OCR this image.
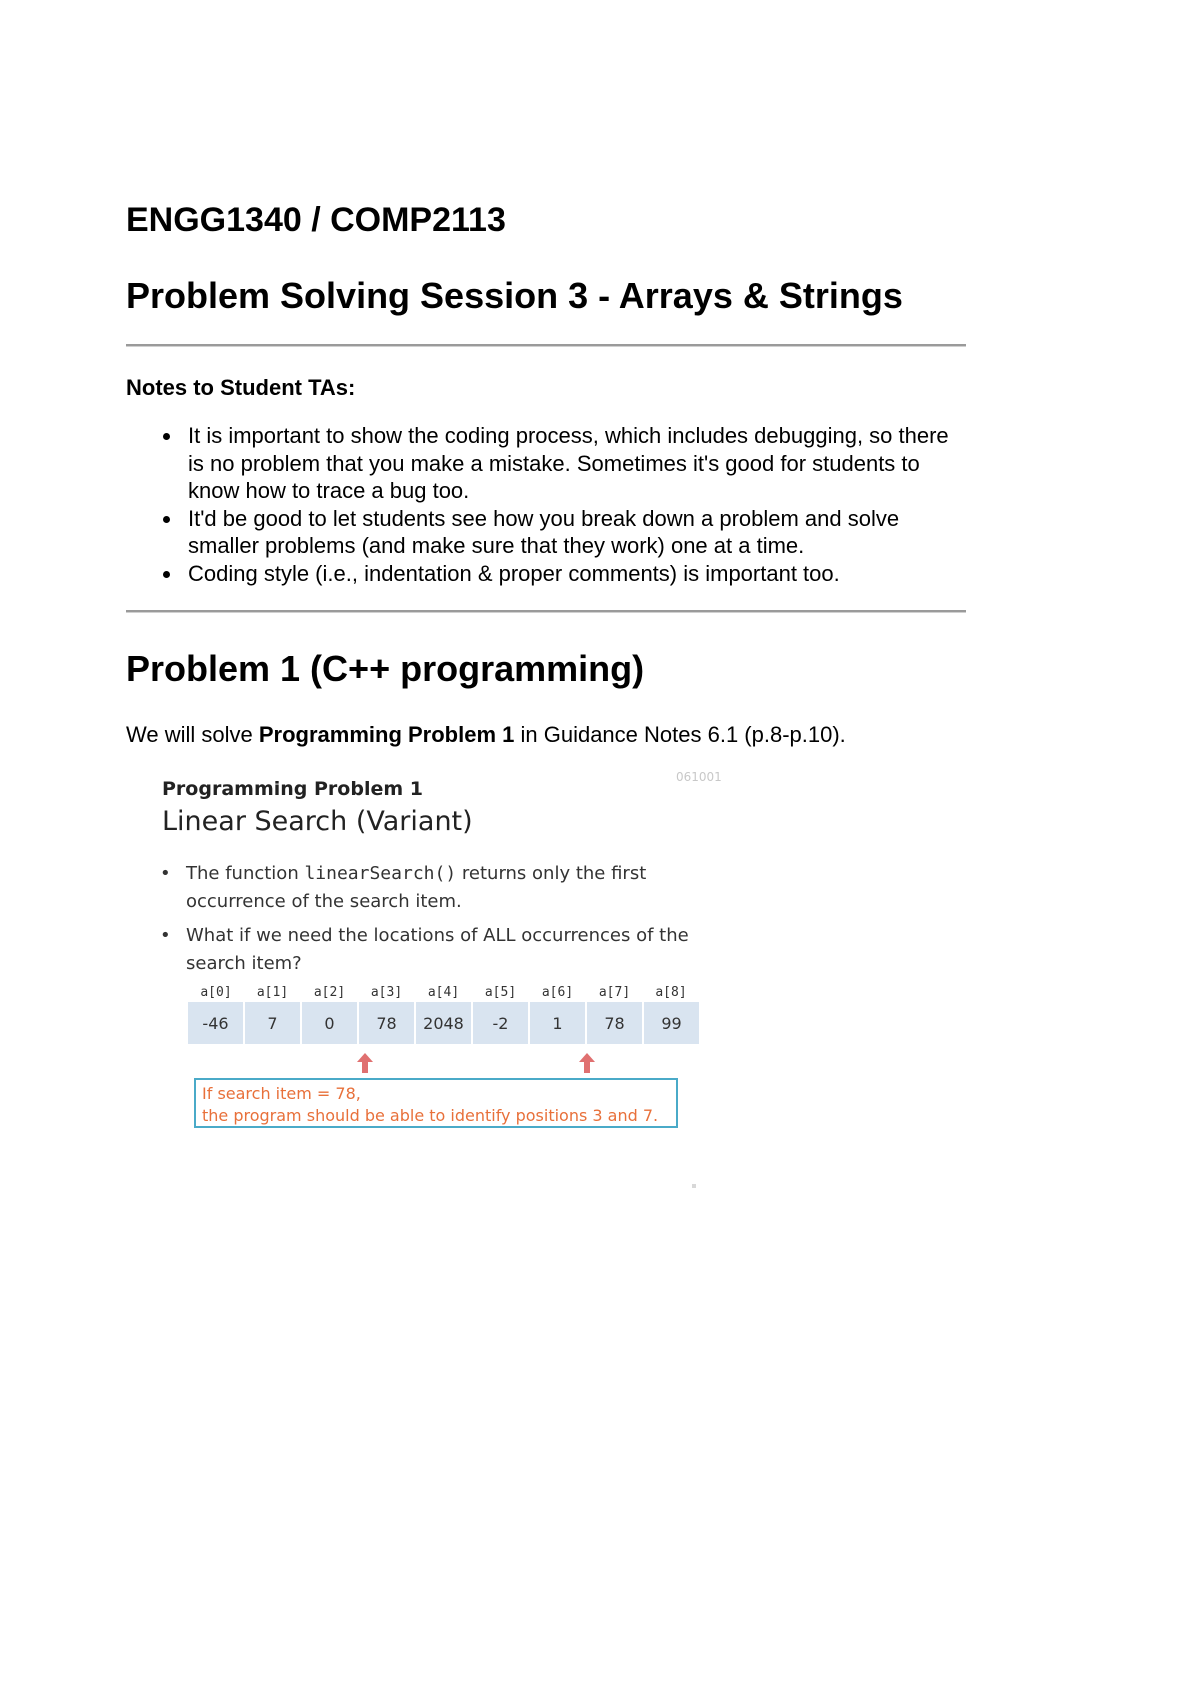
ENGG1340 / COMP2113
Problem Solving Session 3 - Arrays & Strings

Notes to Student TAs:

It is important to show the coding process, which includes debugging, so there is no problem that you make a mistake. Sometimes it's good for students to know how to trace a bug too.
It'd be good to let students see how you break down a problem and solve smaller problems (and make sure that they work) one at a time.
Coding style (i.e., indentation & proper comments) is important too.
Problem 1 (C++ programming)

We will solve Programming Problem 1 in Guidance Notes 6.1 (p.8-p.10).

061001
Programming Problem 1
Linear Search (Variant)
• The function linearSearch() returns only the first occurrence of the search item.
• What if we need the locations of ALL occurrences of the search item?
a[0]	a[1]	a[2]	a[3]	a[4]	a[5]	a[6]	a[7]	a[8]
-46	7	0	78	2048	-2	1	78	99
If search item = 78,
the program should be able to identify positions 3 and 7.
